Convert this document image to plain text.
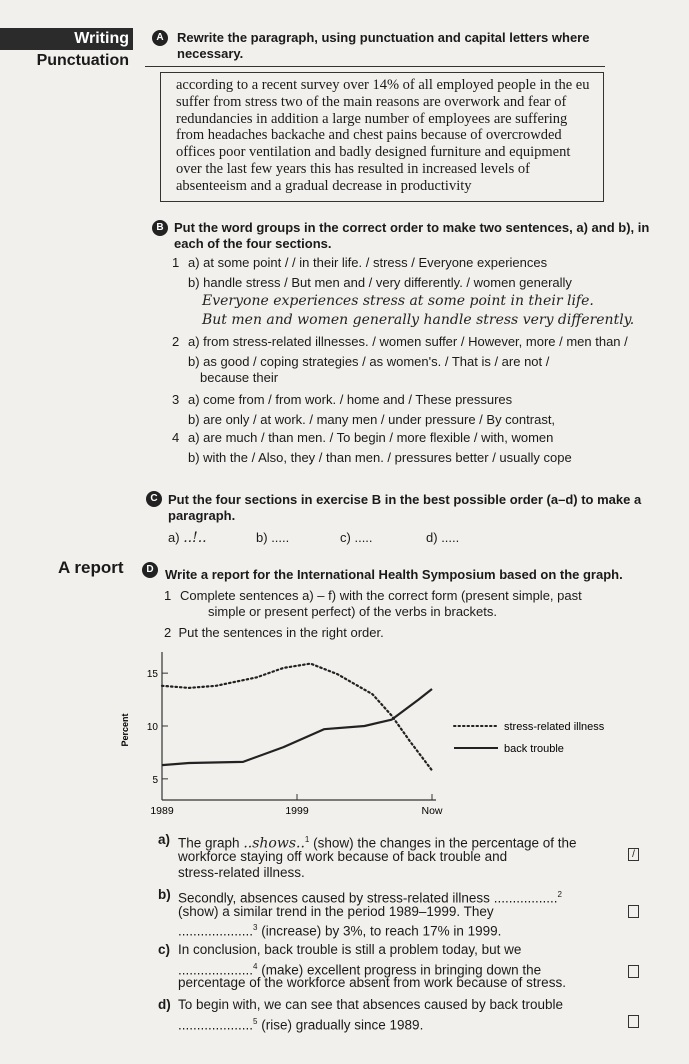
Writing
Punctuation
A	Rewrite the paragraph, using punctuation and capital letters where
necessary.
according to a recent survey over 14% of all employed people in the eu
suffer from stress two of the main reasons are overwork and fear of
redundancies in addition a large number of employees are suffering
from headaches backache and chest pains because of overcrowded
offices poor ventilation and badly designed furniture and equipment
over the last few years this has resulted in increased levels of
absenteeism and a gradual decrease in productivity
B Put the word groups in the correct order to make two sentences, a) and b), in
each of the four sections.
1 a) at some point / / in their life. / stress / Everyone experiences
b) handle stress / But men and / very differently. / women generally
Everyone experiences stress at some point in their life.
But men and women generally handle stress very differently.
2 a) from stress-related illnesses. / women suffer / However, more / men than /
b) as good / coping strategies / as women's. / That is / are not /
because their
3 a) come from / from work. / home and / These pressures
b) are only / at work. / many men / under pressure / By contrast,
4 a) are much / than men. / To begin / more flexible / with, women
b) with the / Also, they / than men. / pressures better / usually cope
C Put the four sections in exercise B in the best possible order (a–d) to make a
paragraph.
a) ..!..	b) .....	c) .....	d) .....
A report	D Write a report for the International Health Symposium based on the graph.
1 Complete sentences a) – f) with the correct form (present simple, past
simple or present perfect) of the verbs in brackets.
2 Put the sentences in the right order.
Percent
5
10
15
1989	1999	Now
stress-related illness
back trouble
a) The graph ..shows..$^1$ (show) the changes in the percentage of the
workforce staying off work because of back trouble and
stress-related illness.
b) Secondly, absences caused by stress-related illness .................$^2$
(show) a similar trend in the period 1989–1999. They
....................$^3$ (increase) by 3%, to reach 17% in 1999.
c) In conclusion, back trouble is still a problem today, but we
....................$^4$ (make) excellent progress in bringing down the
percentage of the workforce absent from work because of stress.
d) To begin with, we can see that absences caused by back trouble
....................$^5$ (rise) gradually since 1989.
/
